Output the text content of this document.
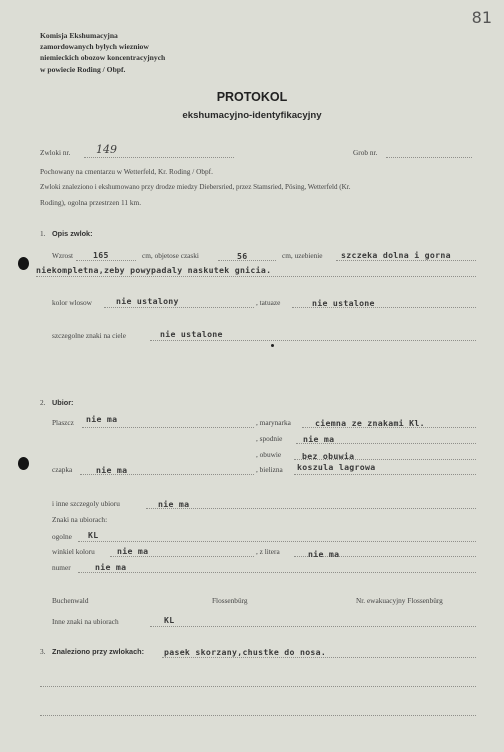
81
Komisja Ekshumacyjna
zamordowanych bylych wiezniow
niemieckich obozow koncentracyjnych
w powiecie Roding / Obpf.
PROTOKOL
ekshumacyjno-identyfikacyjny
Zwloki nr. 149	Grob nr.
Pochowany na cmentarzu w Wetterfeld, Kr. Roding / Obpf.
Zwloki znaleziono i ekshumowano przy drodze miedzy Diebersried, przez Stamsried, Pösing, Wetterfeld (Kr.
Roding), ogolna przestrzen 11 km.
1. Opis zwlok:
Wzrost 165	cm, objetose czaski	56	cm, uzebienie szczeka dolna i gorna
niekompletna,zeby powypadaly naskutek gnicia.
kolor wlosow	nie ustalony	, tatuaze	nie ustalone
szczegolne znaki na ciele	nie ustalone
2. Ubior:
Plaszcz nie ma	, marynarka	ciemna ze znakami Kl.
, spodnie	nie ma
, obuwie	bez obuwia
czapka	nie ma	, bielizna koszula lagrowa
i inne szczegoly ubioru	nie ma
Znaki na ubiorach:
ogolne KL
winkiel koloru	nie ma	, z litera	nie ma
numer	nie ma
Buchenwald	Flossenbürg	Nr. ewakuacyjny Flossenbürg
Inne znaki na ubiorach	KL
3. Znaleziono przy zwlokach: pasek skorzany,chustke do nosa.
